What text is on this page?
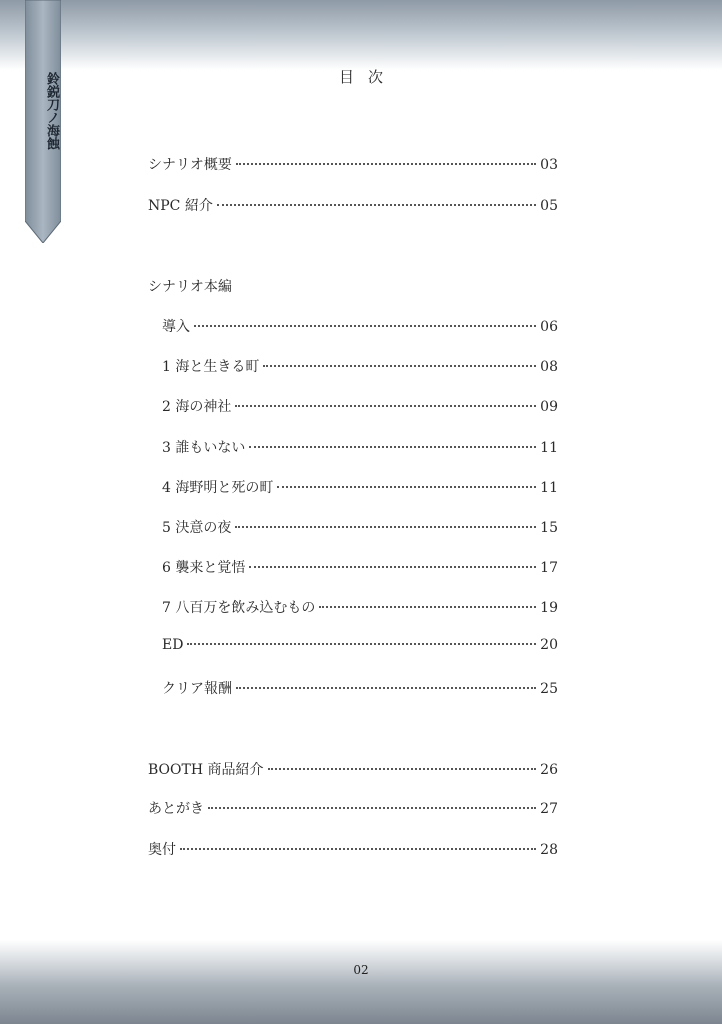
鈴鋭刀ノ海蝕	目次
シナリオ概要	03
NPC 紹介	05
シナリオ本編
導入	06
1 海と生きる町	08
2 海の神社	09
3 誰もいない	11
4 海野明と死の町	11
5 決意の夜	15
6 襲来と覚悟	17
7 八百万を飲み込むもの	19
ED	20
クリア報酬	25
BOOTH 商品紹介	26
あとがき	27
奥付	28
02
